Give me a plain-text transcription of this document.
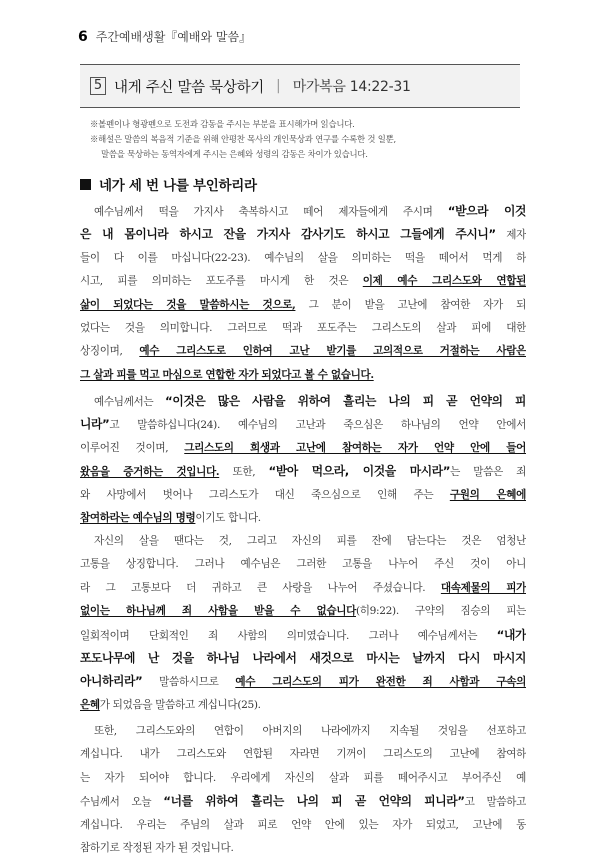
6 주간예배생활『예배와 말씀』
5 내게 주신 말씀 묵상하기 | 마가복음 14:22-31
※볼펜이나 형광펜으로 도전과 감동을 주시는 부분을 표시해가며 읽습니다.
※해설은 말씀의 복음적 기준을 위해 안평찬 목사의 개인묵상과 연구를 수록한 것 일뿐,
말씀을 묵상하는 동역자에게 주시는 은혜와 성령의 감동은 차이가 있습니다.
네가 세 번 나를 부인하리라
예수님께서 떡을 가지사 축복하시고 떼어 제자들에게 주시며 “받으라 이것
은 내 몸이니라 하시고 잔을 가지사 감사기도 하시고 그들에게 주시니” 제자
들이 다 이를 마십니다(22-23). 예수님의 살을 의미하는 떡을 떼어서 먹게 하
시고, 피를 의미하는 포도주를 마시게 한 것은 이제 예수 그리스도와 연합된
삶이 되었다는 것을 말씀하시는 것으로, 그 분이 받을 고난에 참여한 자가 되
었다는 것을 의미합니다. 그러므로 떡과 포도주는 그리스도의 살과 피에 대한
상징이며, 예수 그리스도로 인하여 고난 받기를 고의적으로 거절하는 사람은
그 살과 피를 먹고 마심으로 연합한 자가 되었다고 볼 수 없습니다.
예수님께서는 “이것은 많은 사람을 위하여 흘리는 나의 피 곧 언약의 피
니라”고 말씀하십니다(24). 예수님의 고난과 죽으심은 하나님의 언약 안에서
이루어진 것이며, 그리스도의 희생과 고난에 참여하는 자가 언약 안에 들어
왔음을 증거하는 것입니다. 또한, “받아 먹으라, 이것을 마시라”는 말씀은 죄
와 사망에서 벗어나 그리스도가 대신 죽으심으로 인해 주는 구원의 은혜에
참여하라는 예수님의 명령이기도 합니다.
자신의 살을 땐다는 것, 그리고 자신의 피를 잔에 담는다는 것은 엄청난
고통을 상징합니다. 그러나 예수님은 그러한 고통을 나누어 주신 것이 아니
라 그 고통보다 더 귀하고 큰 사랑을 나누어 주셨습니다. 대속제물의 피가
없이는 하나님께 죄 사함을 받을 수 없습니다(히9:22). 구약의 짐승의 피는
일회적이며 단회적인 죄 사함의 의미였습니다. 그러나 예수님께서는 “내가
포도나무에 난 것을 하나님 나라에서 새것으로 마시는 날까지 다시 마시지
아니하리라” 말씀하시므로 예수 그리스도의 피가 완전한 죄 사함과 구속의
은혜가 되었음을 말씀하고 계십니다(25).
또한, 그리스도와의 연합이 아버지의 나라에까지 지속될 것임을 선포하고
계십니다. 내가 그리스도와 연합된 자라면 기꺼이 그리스도의 고난에 참여하
는 자가 되어야 합니다. 우리에게 자신의 살과 피를 떼어주시고 부어주신 예
수님께서 오늘 “너를 위하여 흘리는 나의 피 곧 언약의 피니라”고 말씀하고
계십니다. 우리는 주님의 살과 피로 언약 안에 있는 자가 되었고, 고난에 동
참하기로 작정된 자가 된 것입니다.
